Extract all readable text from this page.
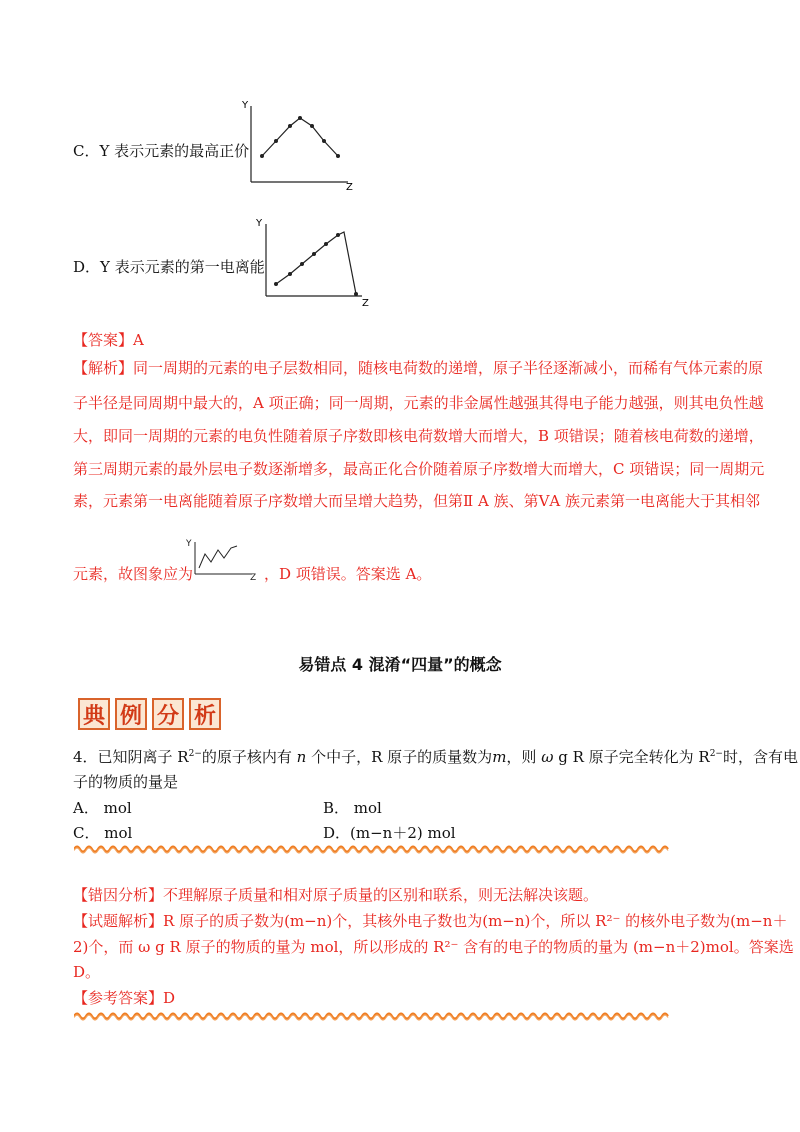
C．Y 表示元素的最高正价
Y
Z
D．Y 表示元素的第一电离能
Y
Z
【答案】A
【解析】同一周期的元素的电子层数相同，随核电荷数的递增，原子半径逐渐减小，而稀有气体元素的原
子半径是同周期中最大的，A 项正确；同一周期，元素的非金属性越强其得电子能力越强，则其电负性越
大，即同一周期的元素的电负性随着原子序数即核电荷数增大而增大，B 项错误；随着核电荷数的递增，
第三周期元素的最外层电子数逐渐增多，最高正化合价随着原子序数增大而增大，C 项错误；同一周期元
素，元素第一电离能随着原子序数增大而呈增大趋势，但第Ⅱ A 族、第ⅤA 族元素第一电离能大于其相邻
元素，故图象应为
Y
Z ，D 项错误。答案选 A。
易错点 4 混淆“四量”的概念
典 例 分 析
4．已知阴离子 $R^{2-}$的原子核内有 n 个中子，R 原子的质量数为m，则 ω g R 原子完全转化为 $R^{2-}$时，含有电
子的物质的量是
A． mol	B． mol
C． mol	D．(m−n＋2) mol
【错因分析】不理解原子质量和相对原子质量的区别和联系，则无法解决该题。
【试题解析】R 原子的质子数为(m−n)个，其核外电子数也为(m−n)个，所以 R²⁻ 的核外电子数为(m−n＋
2)个，而 ω g R 原子的物质的量为 mol，所以形成的 R²⁻ 含有的电子的物质的量为 (m−n＋2)mol。答案选
D。
【参考答案】D
